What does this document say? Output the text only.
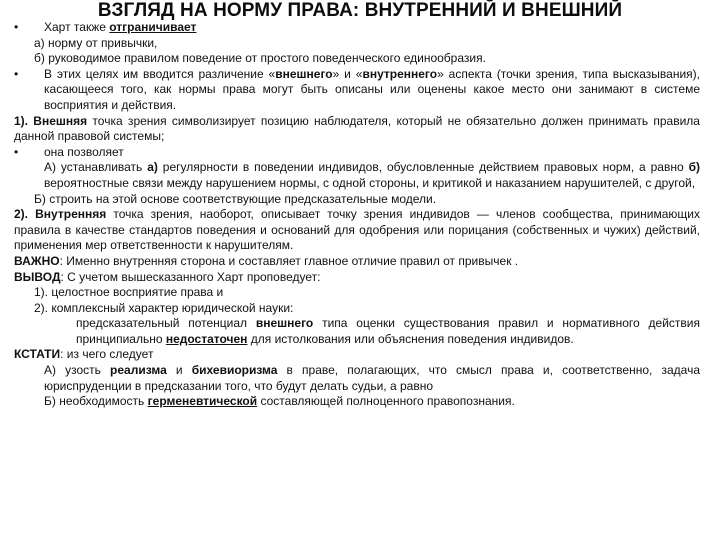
ВЗГЛЯД НА НОРМУ ПРАВА: ВНУТРЕННИЙ И ВНЕШНИЙ

• Харт также отграничивает

а) норму от привычки,

б) руководимое правилом поведение от простого поведенческого единообразия.

• В этих целях им вводится различение «внешнего» и «внутреннего» аспекта (точки зрения, типа высказывания), касающееся того, как нормы права могут быть описаны или оценены какое место они занимают в системе восприятия и действия.

1). Внешняя точка зрения символизирует позицию наблюдателя, который не обязательно должен принимать правила данной правовой системы;

• она позволяет

А) устанавливать а) регулярности в поведении индивидов, обусловленные действием правовых норм, а равно б) вероятностные связи между нарушением нормы, с одной стороны, и критикой и наказанием нарушителей, с другой,

Б) строить на этой основе соответствующие предсказательные модели.

2). Внутренняя точка зрения, наоборот, описывает точку зрения индивидов — членов сообщества, принимающих правила в качестве стандартов поведения и оснований для одобрения или порицания (собственных и чужих) действий, применения мер ответственности к нарушителям.

ВАЖНО: Именно внутренняя сторона и составляет главное отличие правил от привычек .

ВЫВОД: С учетом вышесказанного Харт проповедует:

1). целостное восприятие права и

2). комплексный характер юридической науки:

предсказательный потенциал внешнего типа оценки существования правил и нормативного действия принципиально недостаточен для истолкования или объяснения поведения индивидов.

КСТАТИ: из чего следует

А) узость реализма и бихевиоризма в праве, полагающих, что смысл права и, соответственно, задача юриспруденции в предсказании того, что будут делать судьи, а равно

Б) необходимость герменевтической составляющей полноценного правопознания.
